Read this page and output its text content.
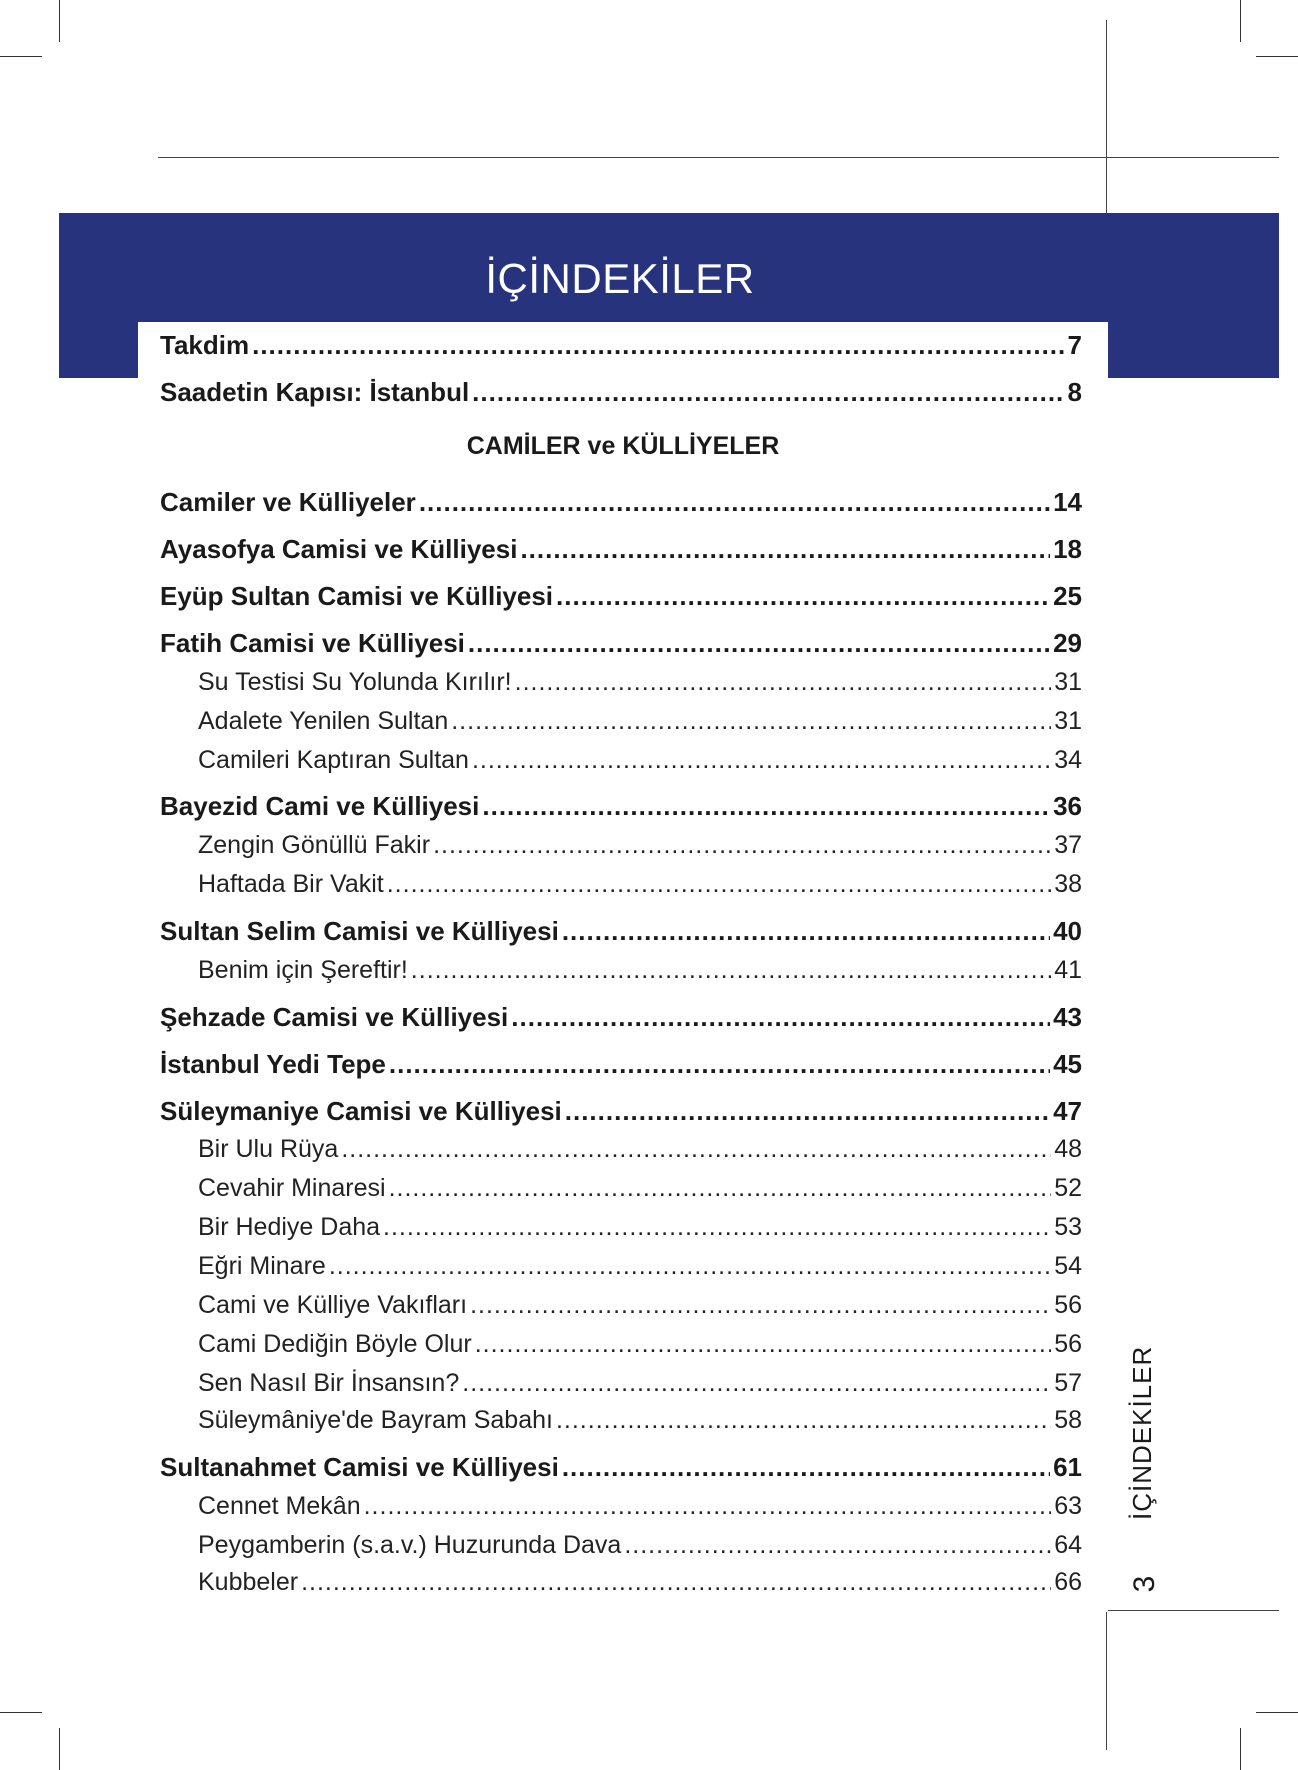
İÇİNDEKİLER
Takdim .....	7
Saadetin Kapısı: İstanbul .....	8
CAMİLER ve KÜLLİYELER
Camiler ve Külliyeler .....	14
Ayasofya Camisi ve Külliyesi .....	18
Eyüp Sultan Camisi ve Külliyesi .....	25
Fatih Camisi ve Külliyesi .....	29
Su Testisi Su Yolunda Kırılır! .....	31
Adalete Yenilen Sultan .....	31
Camileri Kaptıran Sultan .....	34
Bayezid Cami ve Külliyesi .....	36
Zengin Gönüllü Fakir .....	37
Haftada Bir Vakit .....	38
Sultan Selim Camisi ve Külliyesi .....	40
Benim için Şereftir! .....	41
Şehzade Camisi ve Külliyesi .....	43
İstanbul Yedi Tepe .....	45
Süleymaniye Camisi ve Külliyesi .....	47
Bir Ulu Rüya .....	48
Cevahir Minaresi .....	52
Bir Hediye Daha .....	53
Eğri Minare .....	54
Cami ve Külliye Vakıfları .....	56
Cami Dediğin Böyle Olur .....	56
Sen Nasıl Bir İnsansın? .....	57
Süleymâniye'de Bayram Sabahı .....	58
Sultanahmet Camisi ve Külliyesi .....	61
Cennet Mekân .....	63
Peygamberin (s.a.v.) Huzurunda Dava .....	64
Kubbeler .....	66
İÇİNDEKİLER
3
